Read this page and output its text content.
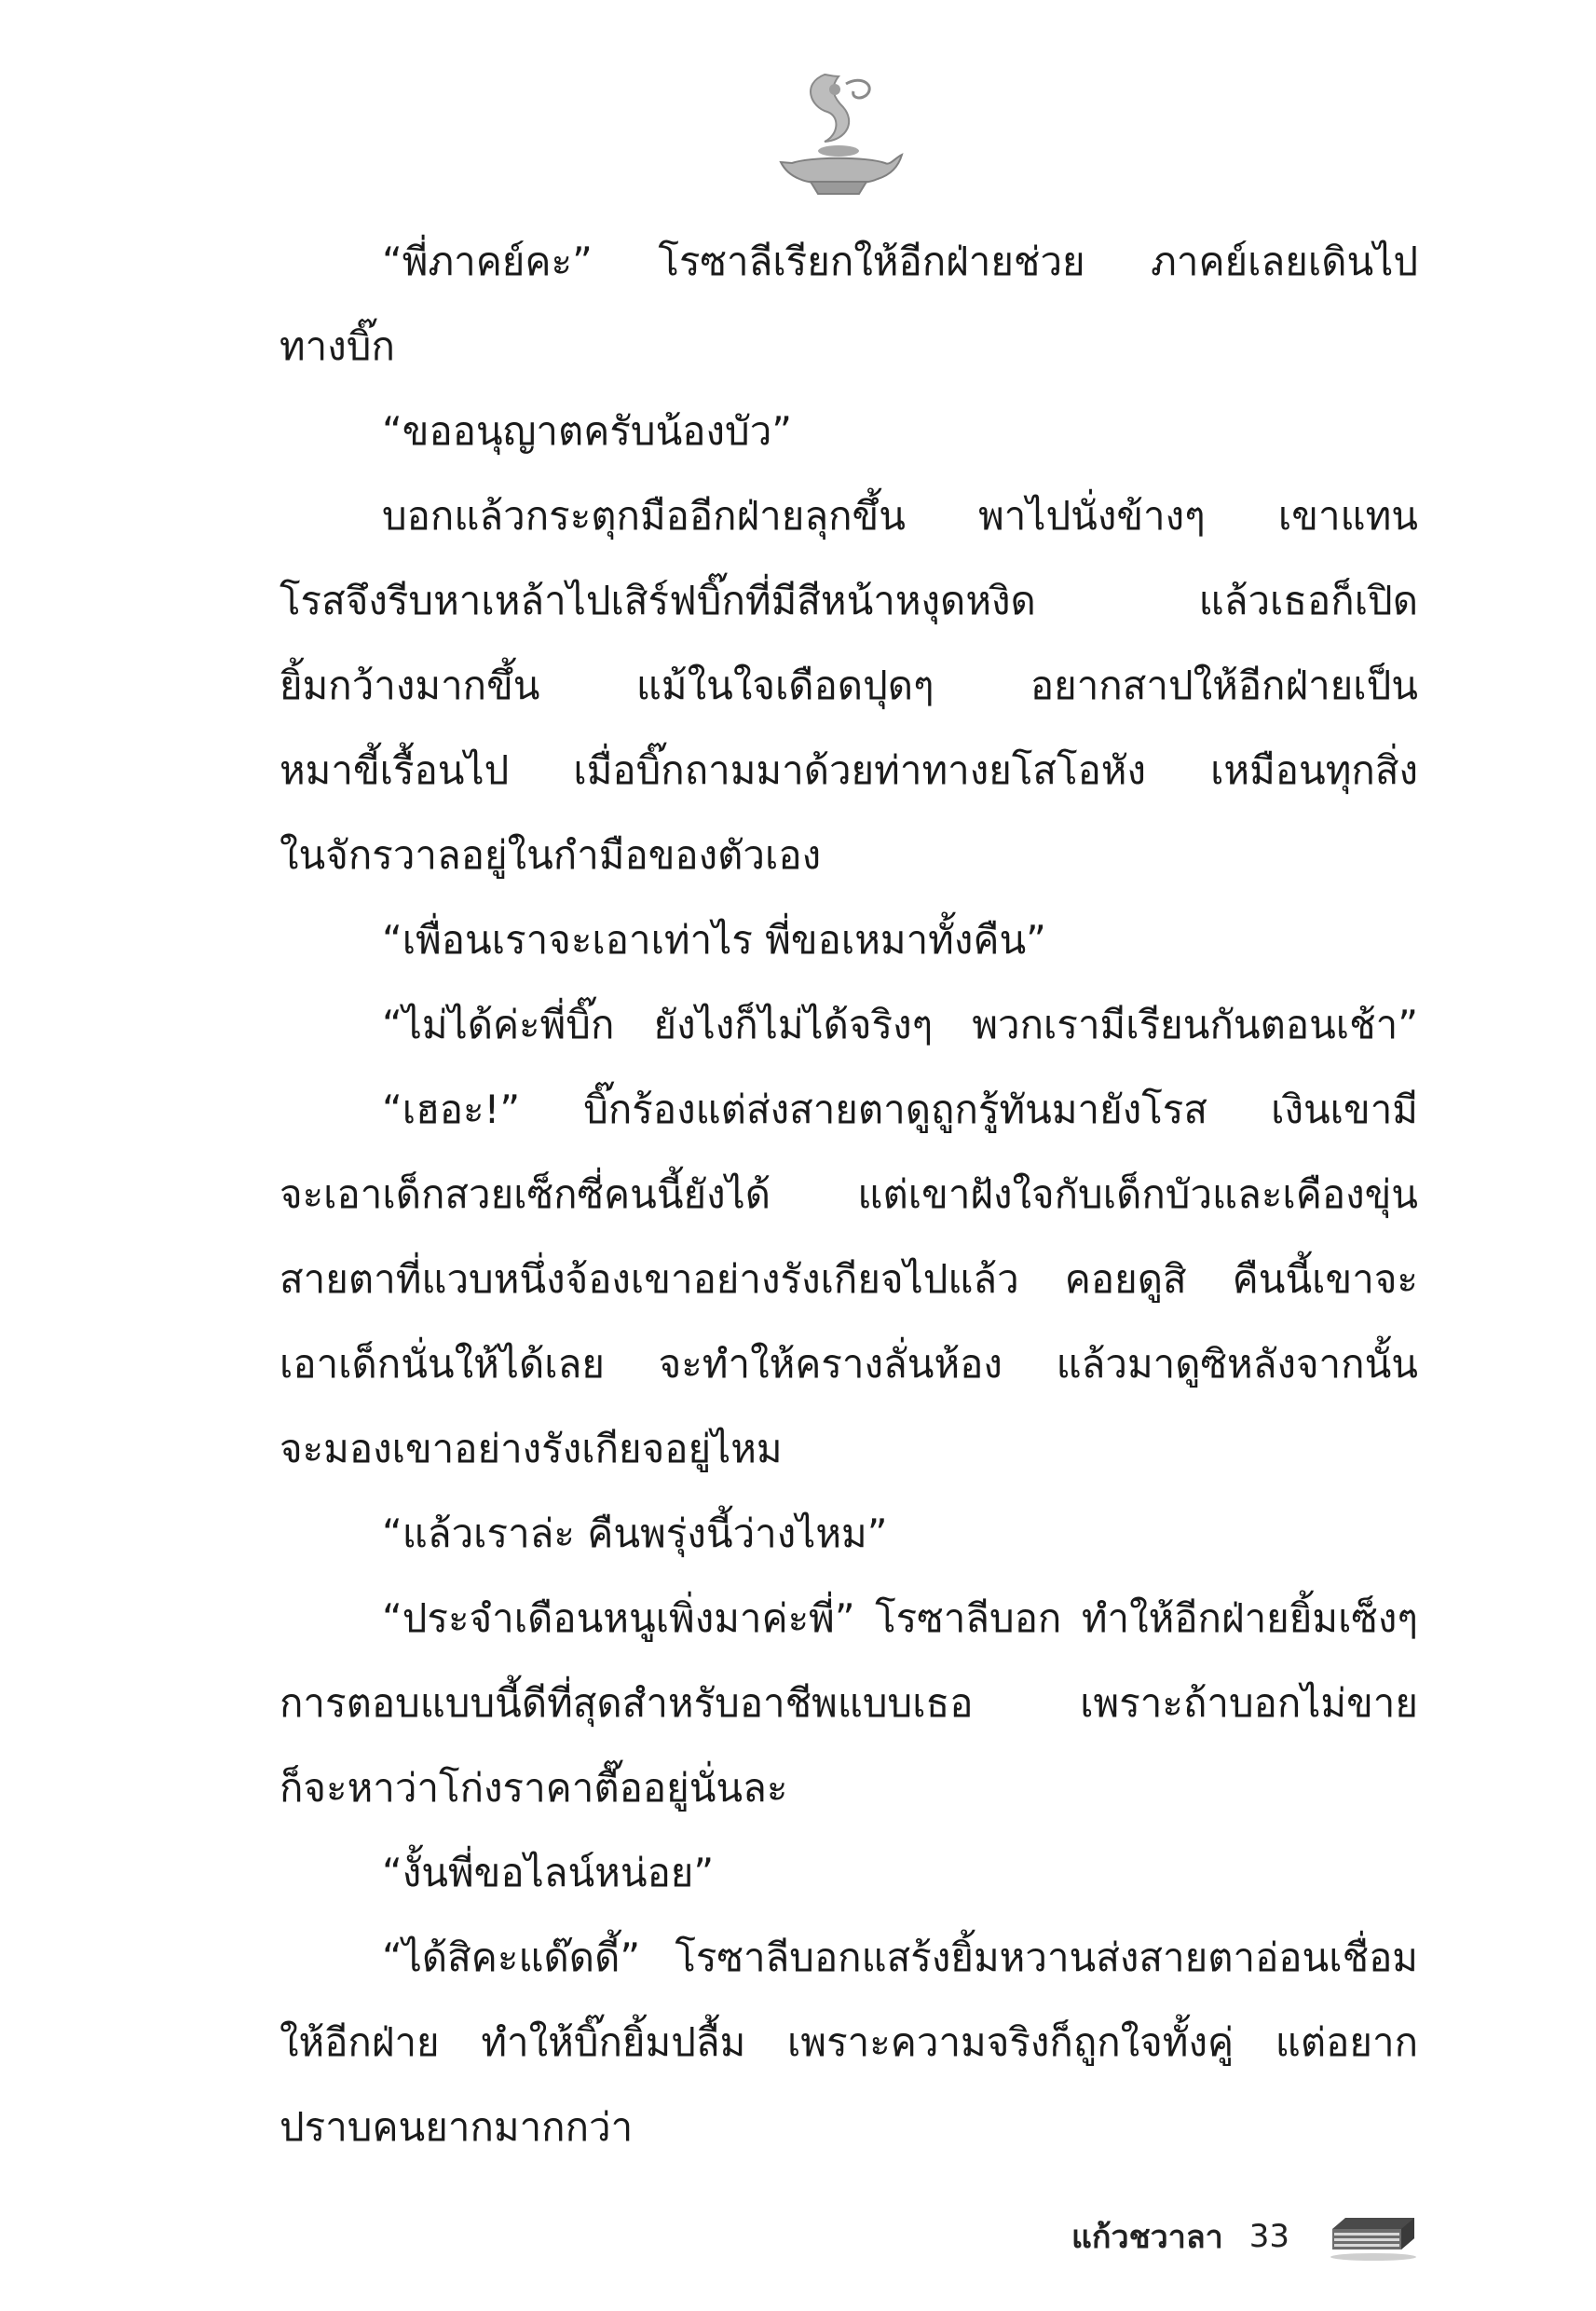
“พี่ภาคย์คะ” โรซาลีเรียกให้อีกฝ่ายช่วย ภาคย์เลยเดินไป
ทางบิ๊ก
“ขออนุญาตครับน้องบัว”
บอกแล้วกระตุกมืออีกฝ่ายลุกขึ้น พาไปนั่งข้างๆ เขาแทน
โรสจึงรีบหาเหล้าไปเสิร์ฟบิ๊กที่มีสีหน้าหงุดหงิด แล้วเธอก็เปิด
ยิ้มกว้างมากขึ้น แม้ในใจเดือดปุดๆ อยากสาปให้อีกฝ่ายเป็น
หมาขี้เรื้อนไป เมื่อบิ๊กถามมาด้วยท่าทางยโสโอหัง เหมือนทุกสิ่ง
ในจักรวาลอยู่ในกำมือของตัวเอง
“เพื่อนเราจะเอาเท่าไร พี่ขอเหมาทั้งคืน”
“ไม่ได้ค่ะพี่บิ๊ก ยังไงก็ไม่ได้จริงๆ พวกเรามีเรียนกันตอนเช้า”
“เฮอะ!” บิ๊กร้องแต่ส่งสายตาดูถูกรู้ทันมายังโรส เงินเขามี
จะเอาเด็กสวยเซ็กซี่คนนี้ยังได้ แต่เขาฝังใจกับเด็กบัวและเคืองขุ่น
สายตาที่แวบหนึ่งจ้องเขาอย่างรังเกียจไปแล้ว คอยดูสิ คืนนี้เขาจะ
เอาเด็กนั่นให้ได้เลย จะทำให้ครางลั่นห้อง แล้วมาดูซิหลังจากนั้น
จะมองเขาอย่างรังเกียจอยู่ไหม
“แล้วเราล่ะ คืนพรุ่งนี้ว่างไหม”
“ประจำเดือนหนูเพิ่งมาค่ะพี่” โรซาลีบอก ทำให้อีกฝ่ายยิ้มเซ็งๆ
การตอบแบบนี้ดีที่สุดสำหรับอาชีพแบบเธอ เพราะถ้าบอกไม่ขาย
ก็จะหาว่าโก่งราคาตื๊ออยู่นั่นละ
“งั้นพี่ขอไลน์หน่อย”
“ได้สิคะแด๊ดดี้” โรซาลีบอกแสร้งยิ้มหวานส่งสายตาอ่อนเชื่อม
ให้อีกฝ่าย ทำให้บิ๊กยิ้มปลื้ม เพราะความจริงก็ถูกใจทั้งคู่ แต่อยาก
ปราบคนยากมากกว่า
แก้วชวาลา 33
